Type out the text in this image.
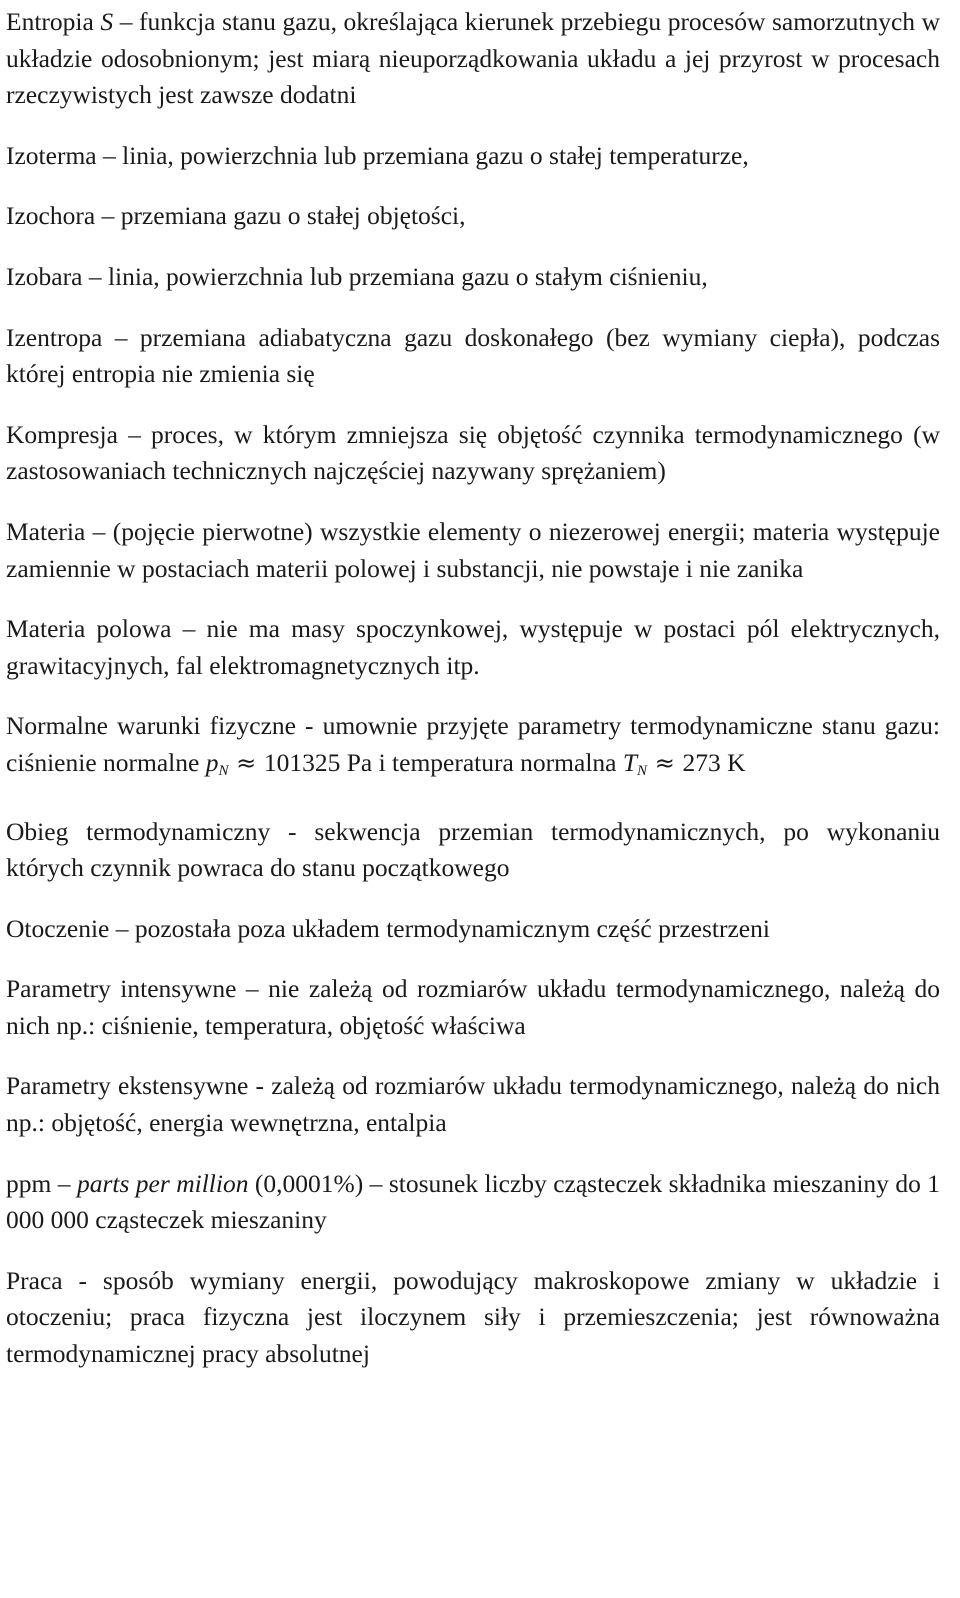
Entropia S – funkcja stanu gazu, określająca kierunek przebiegu procesów samorzutnych w układzie odosobnionym; jest miarą nieuporządkowania układu a jej przyrost w procesach rzeczywistych jest zawsze dodatni

Izoterma – linia, powierzchnia lub przemiana gazu o stałej temperaturze,

Izochora – przemiana gazu o stałej objętości,

Izobara – linia, powierzchnia lub przemiana gazu o stałym ciśnieniu,

Izentropa – przemiana adiabatyczna gazu doskonałego (bez wymiany ciepła), podczas której entropia nie zmienia się

Kompresja – proces, w którym zmniejsza się objętość czynnika termodynamicznego (w zastosowaniach technicznych najczęściej nazywany sprężaniem)

Materia – (pojęcie pierwotne) wszystkie elementy o niezerowej energii; materia występuje zamiennie w postaciach materii polowej i substancji, nie powstaje i nie zanika

Materia polowa – nie ma masy spoczynkowej, występuje w postaci pól elektrycznych, grawitacyjnych, fal elektromagnetycznych itp.

Normalne warunki fizyczne - umownie przyjęte parametry termodynamiczne stanu gazu: ciśnienie normalne $p_N \approx 101325$ Pa i temperatura normalna $T_N \approx 273$ K

Obieg termodynamiczny - sekwencja przemian termodynamicznych, po wykonaniu których czynnik powraca do stanu początkowego

Otoczenie – pozostała poza układem termodynamicznym część przestrzeni

Parametry intensywne – nie zależą od rozmiarów układu termodynamicznego, należą do nich np.: ciśnienie, temperatura, objętość właściwa

Parametry ekstensywne - zależą od rozmiarów układu termodynamicznego, należą do nich np.: objętość, energia wewnętrzna, entalpia

ppm – parts per million (0,0001%) – stosunek liczby cząsteczek składnika mieszaniny do 1 000 000 cząsteczek mieszaniny

Praca - sposób wymiany energii, powodujący makroskopowe zmiany w układzie i otoczeniu; praca fizyczna jest iloczynem siły i przemieszczenia; jest równoważna termodynamicznej pracy absolutnej
